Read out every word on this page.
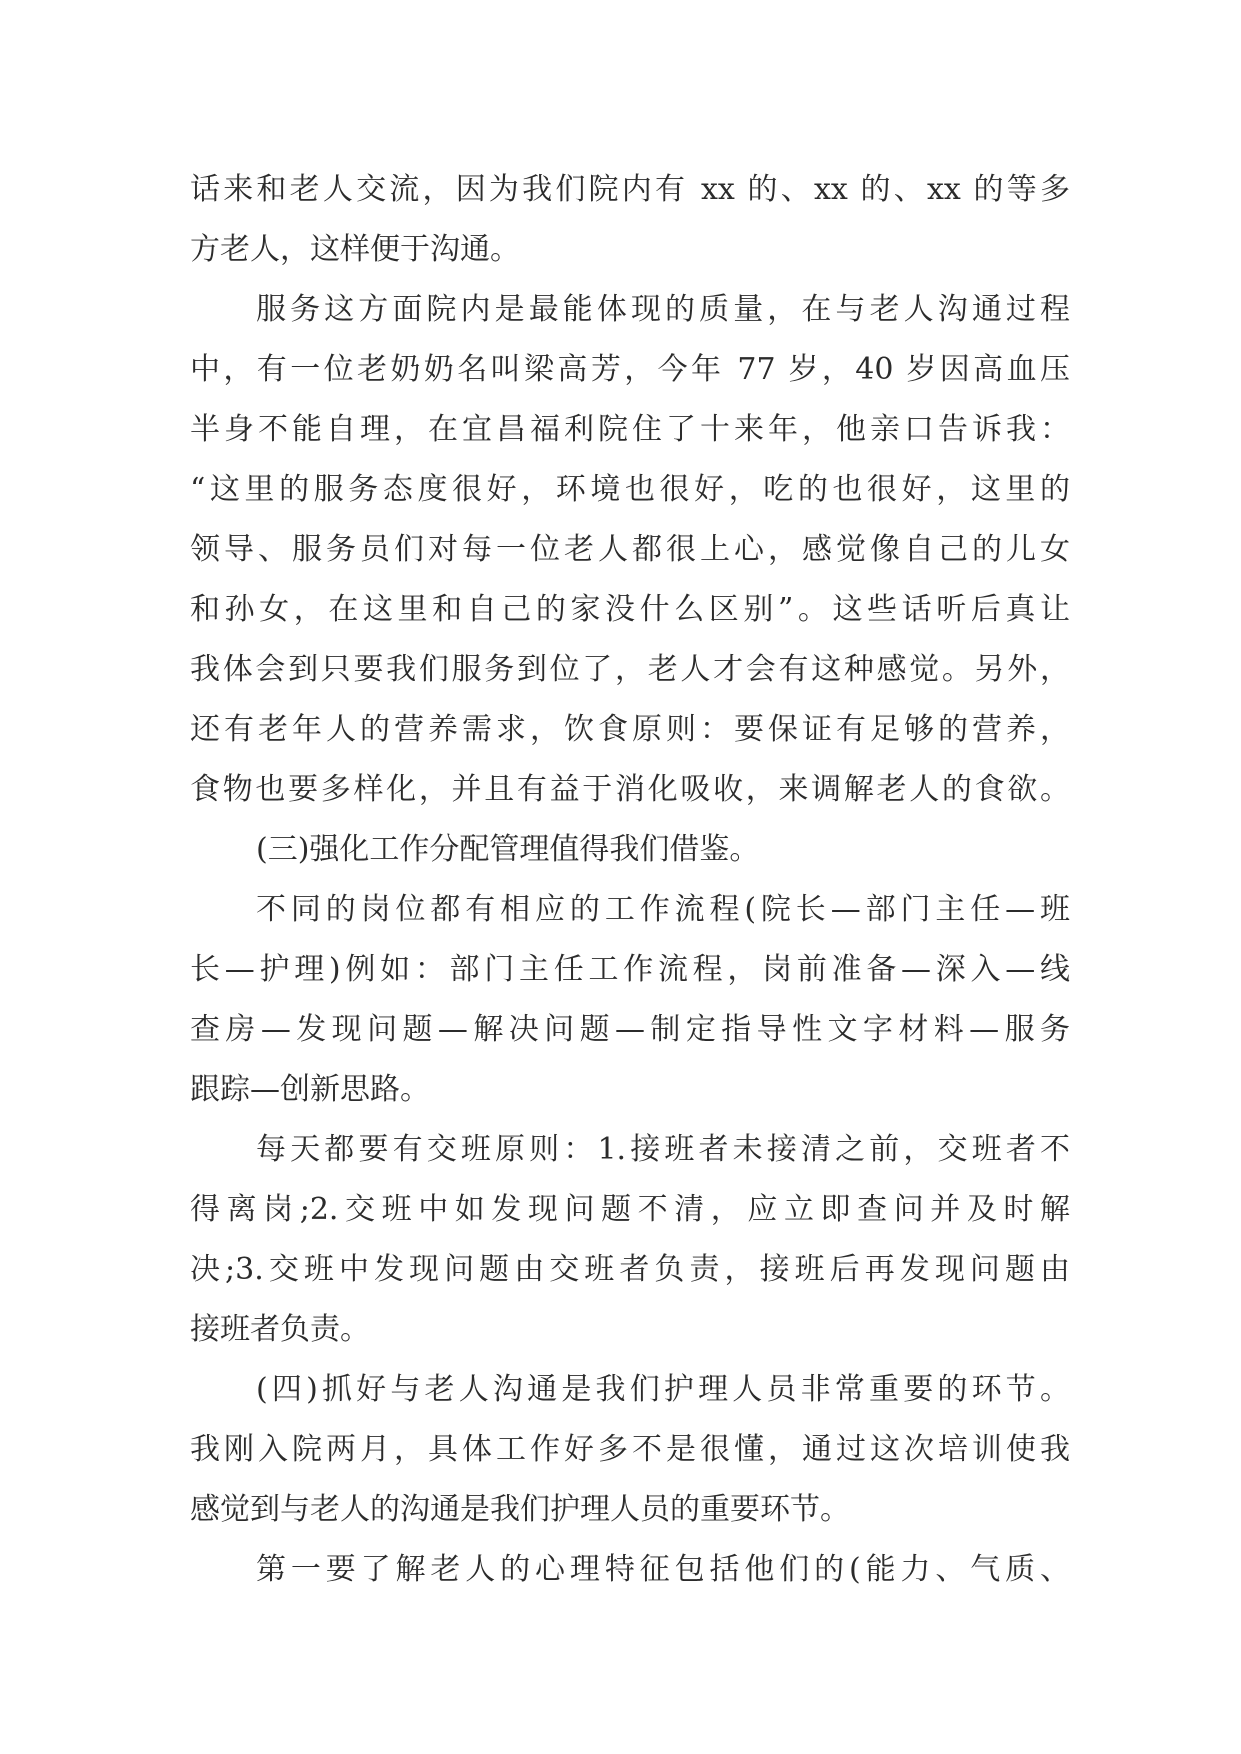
话来和老人交流，因为我们院内有 xx 的、xx 的、xx 的等多
方老人，这样便于沟通。
服务这方面院内是最能体现的质量，在与老人沟通过程
中，有一位老奶奶名叫梁高芳，今年 77 岁，40 岁因高血压
半身不能自理，在宜昌福利院住了十来年，他亲口告诉我：
“这里的服务态度很好，环境也很好，吃的也很好，这里的
领导、服务员们对每一位老人都很上心，感觉像自己的儿女
和孙女，在这里和自己的家没什么区别”。这些话听后真让
我体会到只要我们服务到位了，老人才会有这种感觉。另外，
还有老年人的营养需求，饮食原则：要保证有足够的营养，
食物也要多样化，并且有益于消化吸收，来调解老人的食欲。
(三)强化工作分配管理值得我们借鉴。
不同的岗位都有相应的工作流程(院长—部门主任—班
长—护理)例如：部门主任工作流程，岗前准备—深入—线
查房—发现问题—解决问题—制定指导性文字材料—服务
跟踪—创新思路。
每天都要有交班原则：1.接班者未接清之前，交班者不
得离岗;2.交班中如发现问题不清，应立即查问并及时解
决;3.交班中发现问题由交班者负责，接班后再发现问题由
接班者负责。
(四)抓好与老人沟通是我们护理人员非常重要的环节。
我刚入院两月，具体工作好多不是很懂，通过这次培训使我
感觉到与老人的沟通是我们护理人员的重要环节。
第一要了解老人的心理特征包括他们的(能力、气质、
